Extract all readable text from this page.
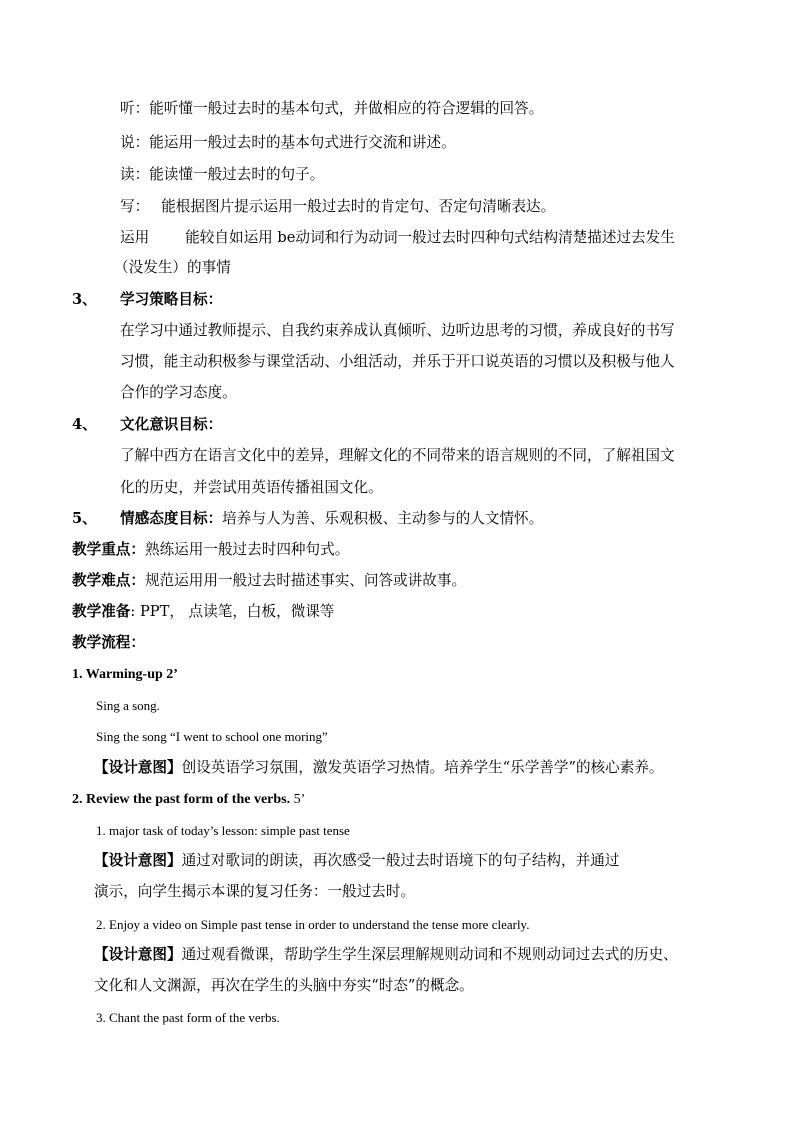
听：能听懂一般过去时的基本句式，并做相应的符合逻辑的回答。
说：能运用一般过去时的基本句式进行交流和讲述。
读：能读懂一般过去时的句子。
写： 能根据图片提示运用一般过去时的肯定句、否定句清晰表达。
运用 能较自如运用 be动词和行为动词一般过去时四种句式结构清楚描述过去发生
（没发生）的事情
3、 学习策略目标：
在学习中通过教师提示、自我约束养成认真倾听、边听边思考的习惯，养成良好的书写
习惯，能主动积极参与课堂活动、小组活动，并乐于开口说英语的习惯以及积极与他人
合作的学习态度。
4、 文化意识目标：
了解中西方在语言文化中的差异，理解文化的不同带来的语言规则的不同，了解祖国文
化的历史，并尝试用英语传播祖国文化。
5、 情感态度目标：培养与人为善、乐观积极、主动参与的人文情怀。
教学重点：熟练运用一般过去时四种句式。
教学难点：规范运用用一般过去时描述事实、问答或讲故事。
教学准备: PPT， 点读笔，白板，微课等
教学流程：
1. Warming-up 2’
Sing a song.
Sing the song “I went to school one moring”
【设计意图】创设英语学习氛围，激发英语学习热情。培养学生“乐学善学”的核心素养。
2. Review the past form of the verbs. 5’
1. major task of today’s lesson: simple past tense
【设计意图】通过对歌词的朗读，再次感受一般过去时语境下的句子结构，并通过
演示，向学生揭示本课的复习任务：一般过去时。
2. Enjoy a video on Simple past tense in order to understand the tense more clearly.
【设计意图】通过观看微课，帮助学生学生深层理解规则动词和不规则动词过去式的历史、
文化和人文渊源，再次在学生的头脑中夯实“时态”的概念。
3. Chant the past form of the verbs.
